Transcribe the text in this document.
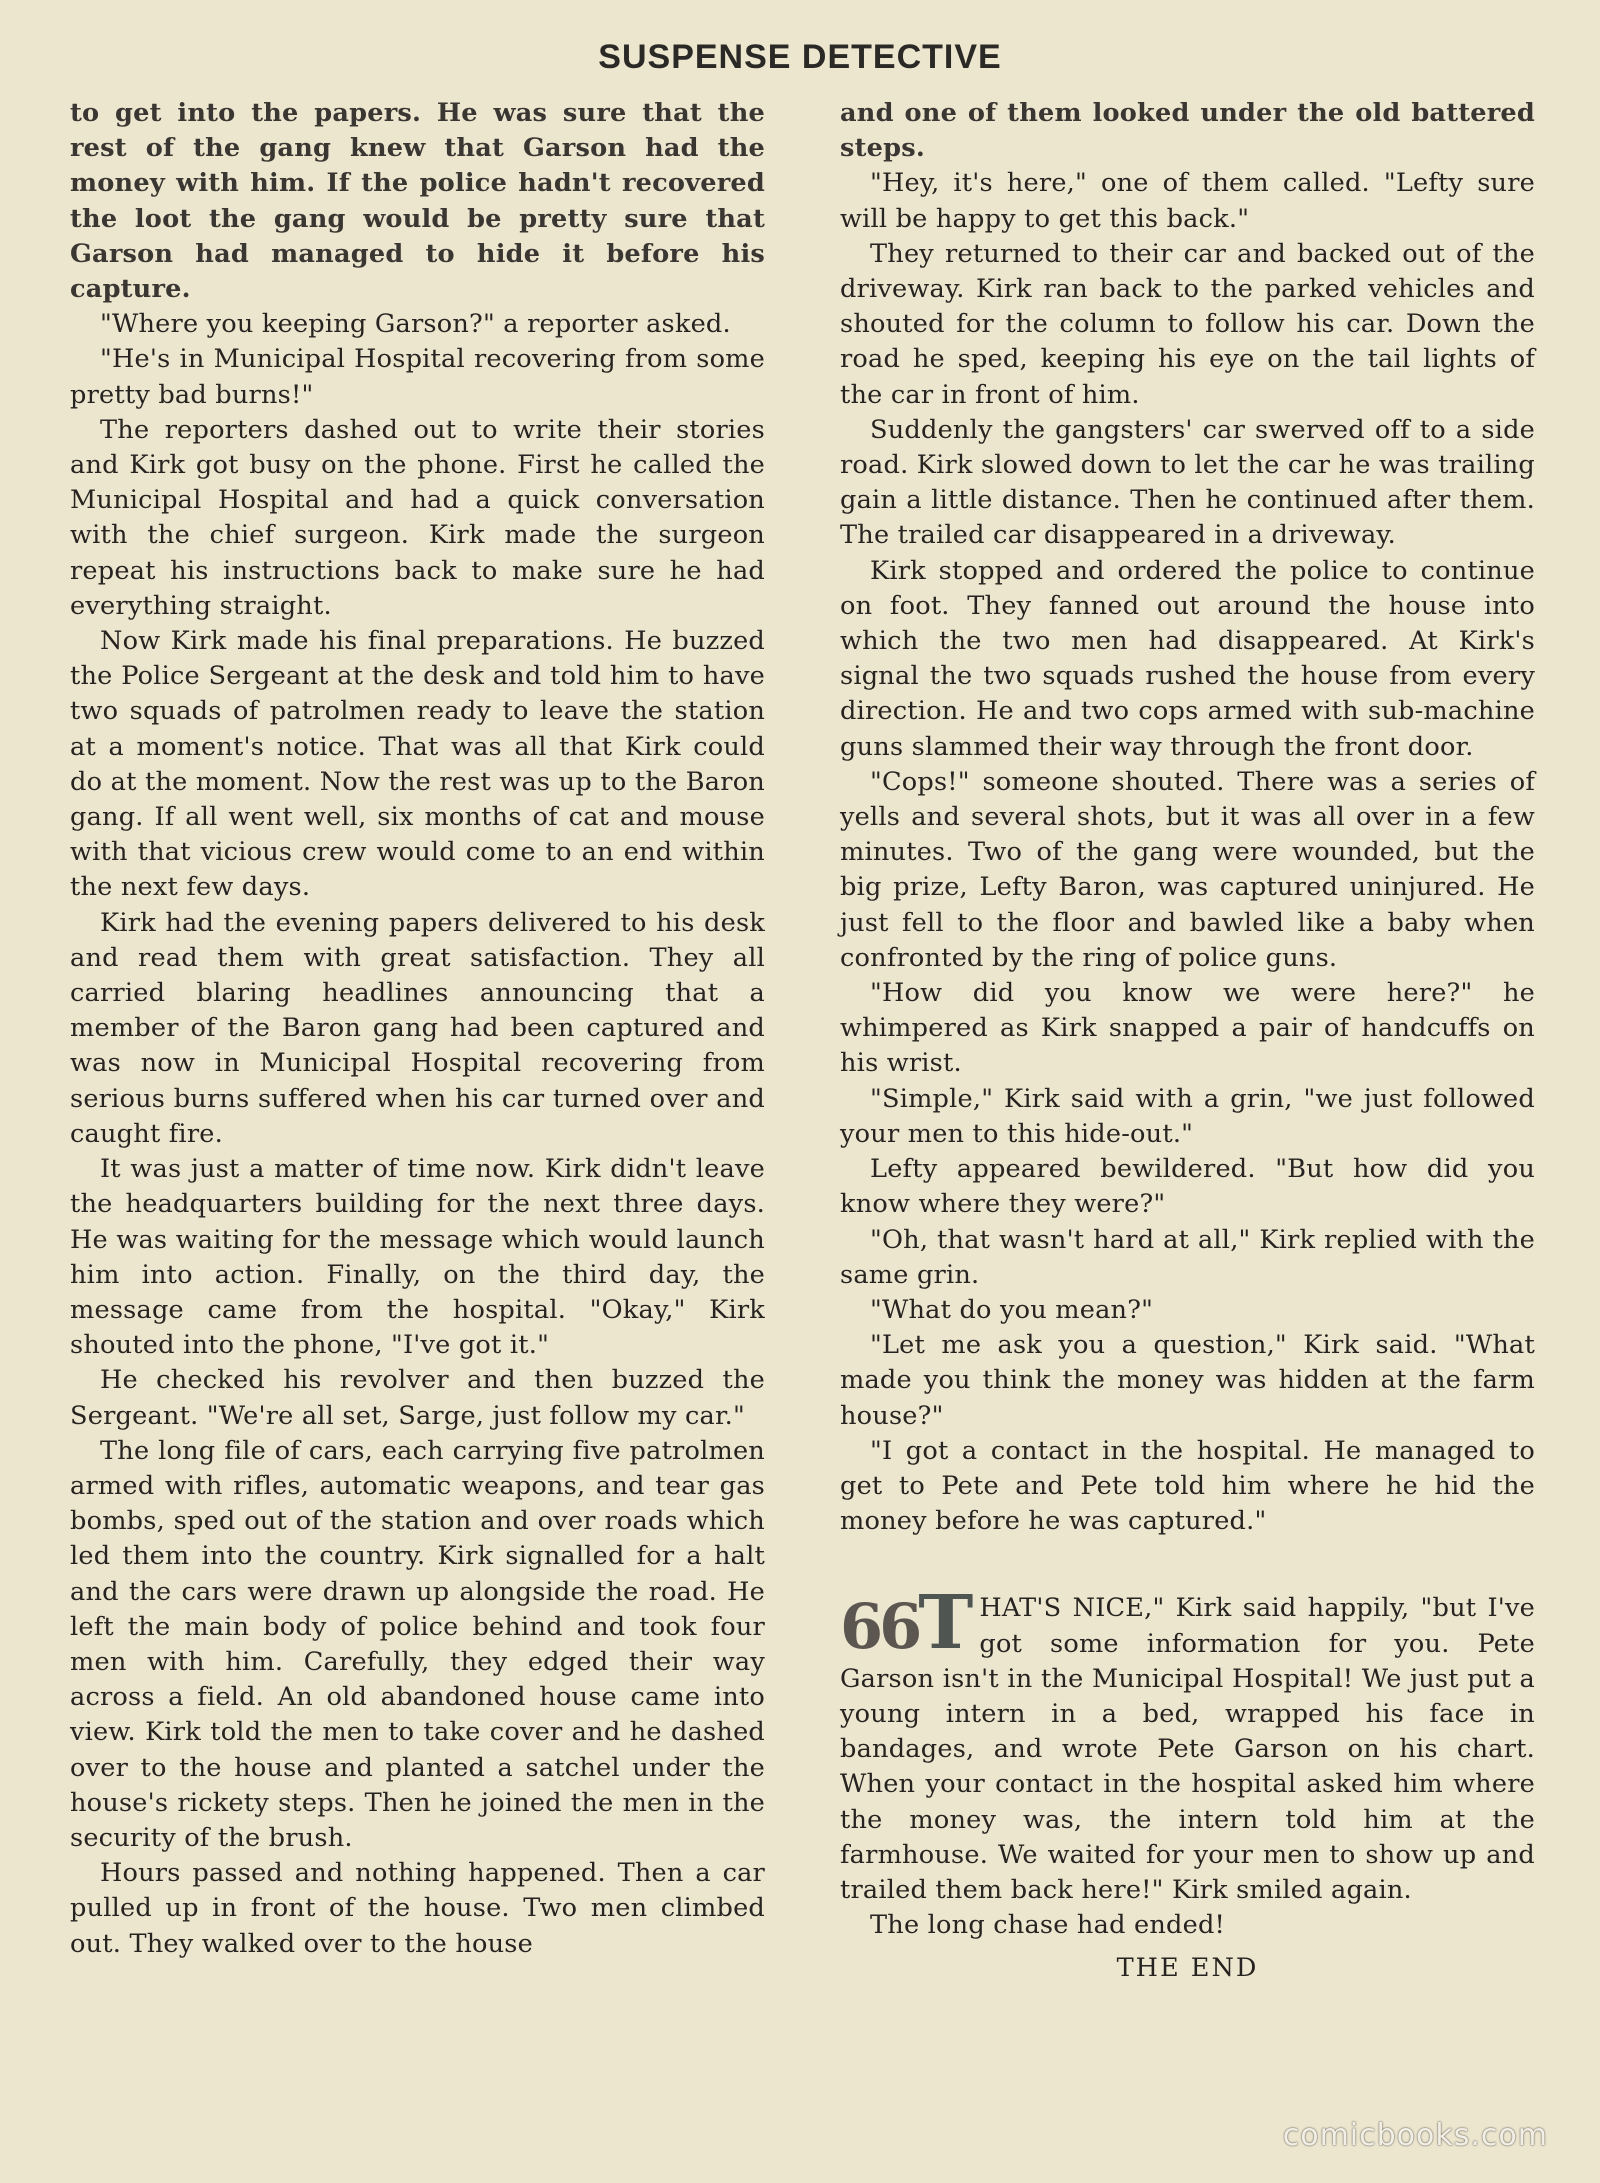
SUSPENSE DETECTIVE

to get into the papers. He was sure that the rest of the gang knew that Garson had the money with him. If the police hadn't recovered the loot the gang would be pretty sure that Garson had managed to hide it before his capture.

"Where you keeping Garson?" a reporter asked.

"He's in Municipal Hospital recovering from some pretty bad burns!"

The reporters dashed out to write their stories and Kirk got busy on the phone. First he called the Municipal Hospital and had a quick conversation with the chief surgeon. Kirk made the surgeon repeat his instructions back to make sure he had everything straight.

Now Kirk made his final preparations. He buzzed the Police Sergeant at the desk and told him to have two squads of patrolmen ready to leave the station at a moment's notice. That was all that Kirk could do at the moment. Now the rest was up to the Baron gang. If all went well, six months of cat and mouse with that vicious crew would come to an end within the next few days.

Kirk had the evening papers delivered to his desk and read them with great satisfaction. They all carried blaring headlines announcing that a member of the Baron gang had been captured and was now in Municipal Hospital recovering from serious burns suffered when his car turned over and caught fire.

It was just a matter of time now. Kirk didn't leave the headquarters building for the next three days. He was waiting for the message which would launch him into action. Finally, on the third day, the message came from the hospital. "Okay," Kirk shouted into the phone, "I've got it."

He checked his revolver and then buzzed the Sergeant. "We're all set, Sarge, just follow my car."

The long file of cars, each carrying five patrolmen armed with rifles, automatic weapons, and tear gas bombs, sped out of the station and over roads which led them into the country. Kirk signalled for a halt and the cars were drawn up alongside the road. He left the main body of police behind and took four men with him. Carefully, they edged their way across a field. An old abandoned house came into view. Kirk told the men to take cover and he dashed over to the house and planted a satchel under the house's rickety steps. Then he joined the men in the security of the brush.

Hours passed and nothing happened. Then a car pulled up in front of the house. Two men climbed out. They walked over to the house

and one of them looked under the old battered steps.

"Hey, it's here," one of them called. "Lefty sure will be happy to get this back."

They returned to their car and backed out of the driveway. Kirk ran back to the parked vehicles and shouted for the column to follow his car. Down the road he sped, keeping his eye on the tail lights of the car in front of him.

Suddenly the gangsters' car swerved off to a side road. Kirk slowed down to let the car he was trailing gain a little distance. Then he continued after them. The trailed car disappeared in a driveway.

Kirk stopped and ordered the police to continue on foot. They fanned out around the house into which the two men had disappeared. At Kirk's signal the two squads rushed the house from every direction. He and two cops armed with sub-machine guns slammed their way through the front door.

"Cops!" someone shouted. There was a series of yells and several shots, but it was all over in a few minutes. Two of the gang were wounded, but the big prize, Lefty Baron, was captured uninjured. He just fell to the floor and bawled like a baby when confronted by the ring of police guns.

"How did you know we were here?" he whimpered as Kirk snapped a pair of handcuffs on his wrist.

"Simple," Kirk said with a grin, "we just followed your men to this hide-out."

Lefty appeared bewildered. "But how did you know where they were?"

"Oh, that wasn't hard at all," Kirk replied with the same grin.

"What do you mean?"

"Let me ask you a question," Kirk said. "What made you think the money was hidden at the farm house?"

"I got a contact in the hospital. He managed to get to Pete and Pete told him where he hid the money before he was captured."

66T HAT'S NICE," Kirk said happily, "but I've got some information for you. Pete Garson isn't in the Municipal Hospital! We just put a young intern in a bed, wrapped his face in bandages, and wrote Pete Garson on his chart. When your contact in the hospital asked him where the money was, the intern told him at the farmhouse. We waited for your men to show up and trailed them back here!" Kirk smiled again.

The long chase had ended!

THE END

comicbooks.com
